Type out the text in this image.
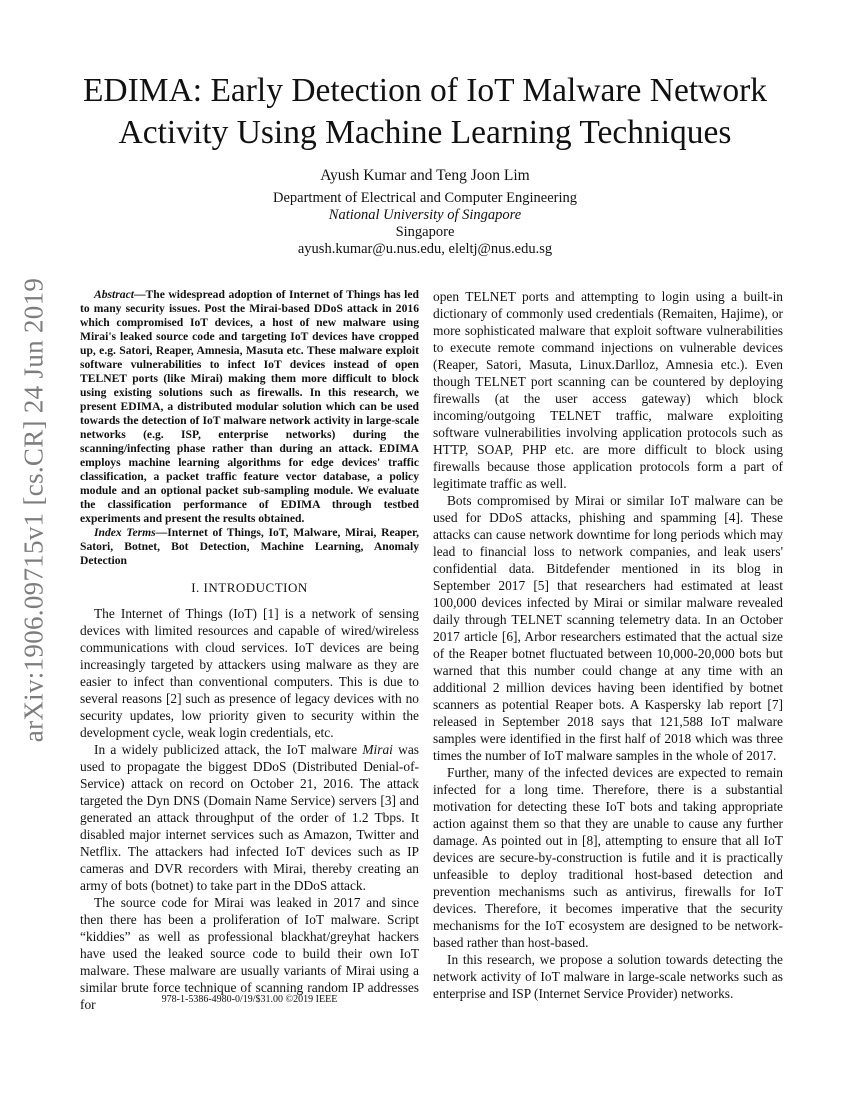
arXiv:1906.09715v1 [cs.CR] 24 Jun 2019
EDIMA: Early Detection of IoT Malware Network
Activity Using Machine Learning Techniques
Ayush Kumar and Teng Joon Lim
Department of Electrical and Computer Engineering
National University of Singapore
Singapore
ayush.kumar@u.nus.edu, eleltj@nus.edu.sg

Abstract—The widespread adoption of Internet of Things has led to many security issues. Post the Mirai-based DDoS attack in 2016 which compromised IoT devices, a host of new malware using Mirai's leaked source code and targeting IoT devices have cropped up, e.g. Satori, Reaper, Amnesia, Masuta etc. These malware exploit software vulnerabilities to infect IoT devices instead of open TELNET ports (like Mirai) making them more difficult to block using existing solutions such as firewalls. In this research, we present EDIMA, a distributed modular solution which can be used towards the detection of IoT malware network activity in large-scale networks (e.g. ISP, enterprise networks) during the scanning/infecting phase rather than during an attack. EDIMA employs machine learning algorithms for edge devices' traffic classification, a packet traffic feature vector database, a policy module and an optional packet sub-sampling module. We evaluate the classification performance of EDIMA through testbed experiments and present the results obtained.

Index Terms—Internet of Things, IoT, Malware, Mirai, Reaper, Satori, Botnet, Bot Detection, Machine Learning, Anomaly Detection

I. INTRODUCTION

The Internet of Things (IoT) [1] is a network of sensing devices with limited resources and capable of wired/wireless communications with cloud services. IoT devices are being increasingly targeted by attackers using malware as they are easier to infect than conventional computers. This is due to several reasons [2] such as presence of legacy devices with no security updates, low priority given to security within the development cycle, weak login credentials, etc.

In a widely publicized attack, the IoT malware Mirai was used to propagate the biggest DDoS (Distributed Denial-of-Service) attack on record on October 21, 2016. The attack targeted the Dyn DNS (Domain Name Service) servers [3] and generated an attack throughput of the order of 1.2 Tbps. It disabled major internet services such as Amazon, Twitter and Netflix. The attackers had infected IoT devices such as IP cameras and DVR recorders with Mirai, thereby creating an army of bots (botnet) to take part in the DDoS attack.

The source code for Mirai was leaked in 2017 and since then there has been a proliferation of IoT malware. Script “kiddies” as well as professional blackhat/greyhat hackers have used the leaked source code to build their own IoT malware. These malware are usually variants of Mirai using a similar brute force technique of scanning random IP addresses for

open TELNET ports and attempting to login using a built-in dictionary of commonly used credentials (Remaiten, Hajime), or more sophisticated malware that exploit software vulnerabilities to execute remote command injections on vulnerable devices (Reaper, Satori, Masuta, Linux.Darlloz, Amnesia etc.). Even though TELNET port scanning can be countered by deploying firewalls (at the user access gateway) which block incoming/outgoing TELNET traffic, malware exploiting software vulnerabilities involving application protocols such as HTTP, SOAP, PHP etc. are more difficult to block using firewalls because those application protocols form a part of legitimate traffic as well.

Bots compromised by Mirai or similar IoT malware can be used for DDoS attacks, phishing and spamming [4]. These attacks can cause network downtime for long periods which may lead to financial loss to network companies, and leak users' confidential data. Bitdefender mentioned in its blog in September 2017 [5] that researchers had estimated at least 100,000 devices infected by Mirai or similar malware revealed daily through TELNET scanning telemetry data. In an October 2017 article [6], Arbor researchers estimated that the actual size of the Reaper botnet fluctuated between 10,000-20,000 bots but warned that this number could change at any time with an additional 2 million devices having been identified by botnet scanners as potential Reaper bots. A Kaspersky lab report [7] released in September 2018 says that 121,588 IoT malware samples were identified in the first half of 2018 which was three times the number of IoT malware samples in the whole of 2017.

Further, many of the infected devices are expected to remain infected for a long time. Therefore, there is a substantial motivation for detecting these IoT bots and taking appropriate action against them so that they are unable to cause any further damage. As pointed out in [8], attempting to ensure that all IoT devices are secure-by-construction is futile and it is practically unfeasible to deploy traditional host-based detection and prevention mechanisms such as antivirus, firewalls for IoT devices. Therefore, it becomes imperative that the security mechanisms for the IoT ecosystem are designed to be network-based rather than host-based.

In this research, we propose a solution towards detecting the network activity of IoT malware in large-scale networks such as enterprise and ISP (Internet Service Provider) networks.

978-1-5386-4980-0/19/$31.00 ©2019 IEEE
